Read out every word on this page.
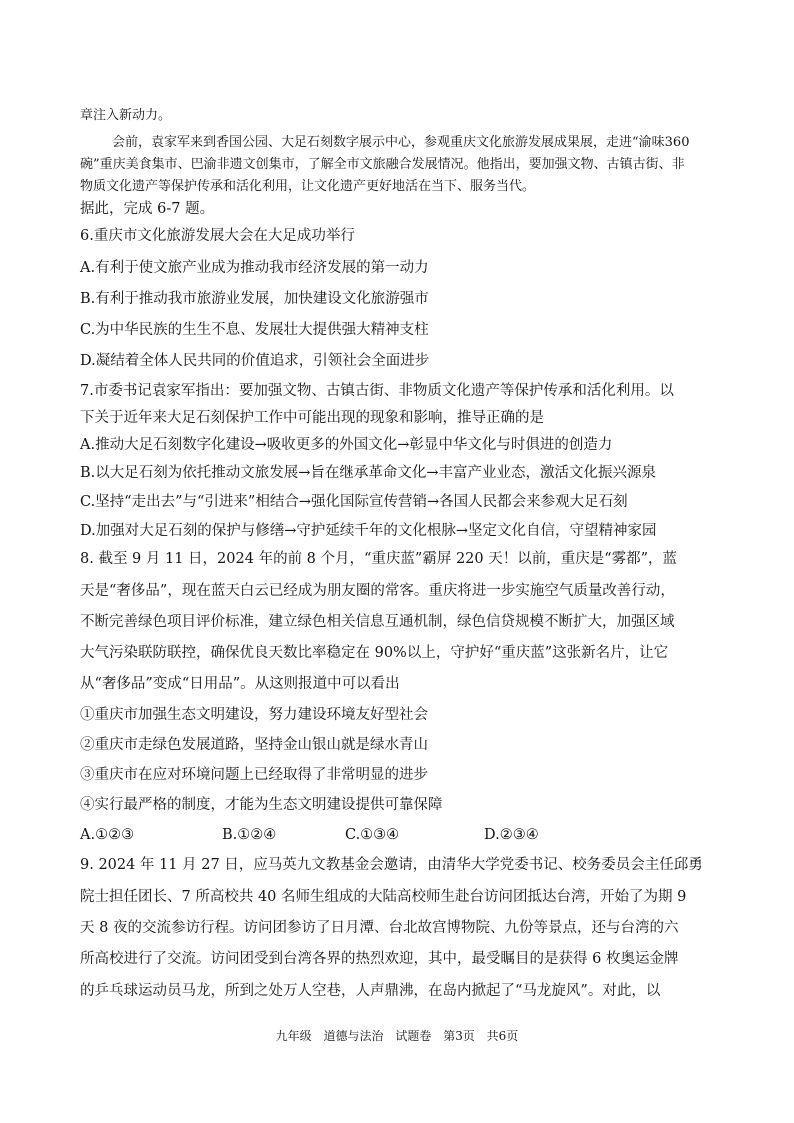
章注入新动力。
会前，袁家军来到香国公园、大足石刻数字展示中心，参观重庆文化旅游发展成果展，走进“渝味360
碗”重庆美食集市、巴渝非遗文创集市，了解全市文旅融合发展情况。他指出，要加强文物、古镇古街、非
物质文化遗产等保护传承和活化利用，让文化遗产更好地活在当下、服务当代。
据此，完成 6-7 题。
6.重庆市文化旅游发展大会在大足成功举行
A.有利于使文旅产业成为推动我市经济发展的第一动力
B.有利于推动我市旅游业发展，加快建设文化旅游强市
C.为中华民族的生生不息、发展壮大提供强大精神支柱
D.凝结着全体人民共同的价值追求，引领社会全面进步
7.市委书记袁家军指出：要加强文物、古镇古街、非物质文化遗产等保护传承和活化利用。以
下关于近年来大足石刻保护工作中可能出现的现象和影响，推导正确的是
A.推动大足石刻数字化建设→吸收更多的外国文化→彰显中华文化与时俱进的创造力
B.以大足石刻为依托推动文旅发展→旨在继承革命文化→丰富产业业态，激活文化振兴源泉
C.坚持“走出去”与“引进来”相结合→强化国际宣传营销→各国人民都会来参观大足石刻
D.加强对大足石刻的保护与修缮→守护延续千年的文化根脉→坚定文化自信，守望精神家园
8. 截至 9 月 11 日，2024 年的前 8 个月，“重庆蓝”霸屏 220 天！以前，重庆是“雾都”，蓝
天是“奢侈品”，现在蓝天白云已经成为朋友圈的常客。重庆将进一步实施空气质量改善行动，
不断完善绿色项目评价标准，建立绿色相关信息互通机制，绿色信贷规模不断扩大，加强区域
大气污染联防联控，确保优良天数比率稳定在 90%以上，守护好“重庆蓝”这张新名片，让它
从“奢侈品”变成“日用品”。从这则报道中可以看出
①重庆市加强生态文明建设，努力建设环境友好型社会
②重庆市走绿色发展道路，坚持金山银山就是绿水青山
③重庆市在应对环境问题上已经取得了非常明显的进步
④实行最严格的制度，才能为生态文明建设提供可靠保障
A.①②③	B.①②④	C.①③④	D.②③④
9. 2024 年 11 月 27 日，应马英九文教基金会邀请，由清华大学党委书记、校务委员会主任邱勇
院士担任团长、7 所高校共 40 名师生组成的大陆高校师生赴台访问团抵达台湾，开始了为期 9
天 8 夜的交流参访行程。访问团参访了日月潭、台北故宫博物院、九份等景点，还与台湾的六
所高校进行了交流。访问团受到台湾各界的热烈欢迎，其中，最受瞩目的是获得 6 枚奥运金牌
的乒乓球运动员马龙，所到之处万人空巷，人声鼎沸，在岛内掀起了“马龙旋风”。对此，以
九年级 道德与法治 试题卷 第3页 共6页
